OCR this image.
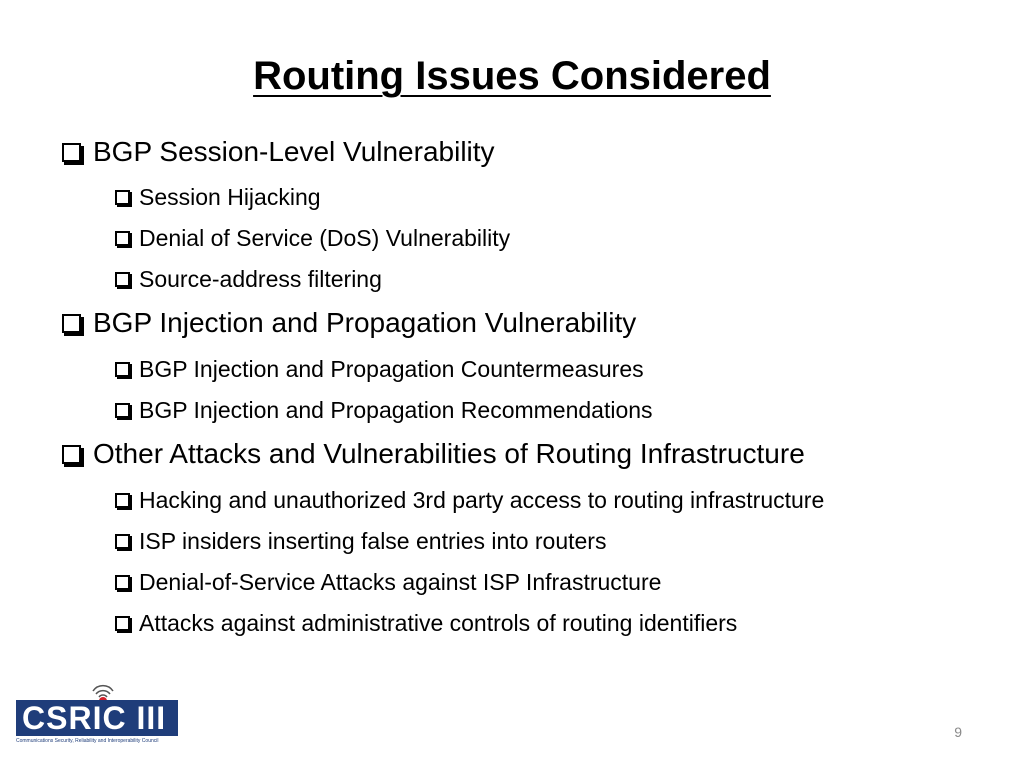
Routing Issues Considered
BGP Session-Level Vulnerability
Session Hijacking
Denial of Service (DoS) Vulnerability
Source-address filtering
BGP Injection and Propagation Vulnerability
BGP Injection and Propagation Countermeasures
BGP Injection and Propagation Recommendations
Other Attacks and Vulnerabilities of Routing Infrastructure
Hacking and unauthorized 3rd party access to routing infrastructure
ISP insiders inserting false entries into routers
Denial-of-Service Attacks against ISP Infrastructure
Attacks against administrative controls of routing identifiers
CSRIC III
Communications Security, Reliability and Interoperability Council
9
